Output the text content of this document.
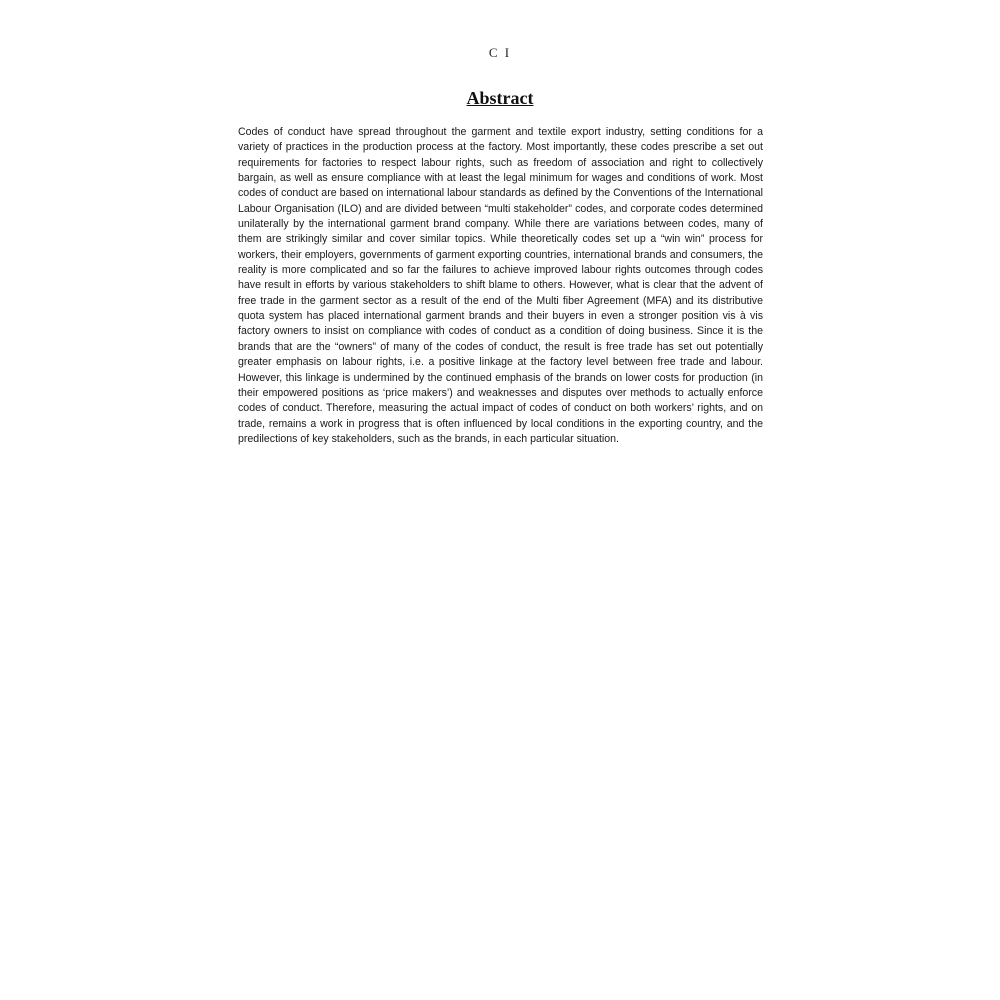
C I
Abstract

Codes of conduct have spread throughout the garment and textile export industry, setting conditions for a variety of practices in the production process at the factory. Most importantly, these codes prescribe a set out requirements for factories to respect labour rights, such as freedom of association and right to collectively bargain, as well as ensure compliance with at least the legal minimum for wages and conditions of work. Most codes of conduct are based on international labour standards as defined by the Conventions of the International Labour Organisation (ILO) and are divided between “multi stakeholder” codes, and corporate codes determined unilaterally by the international garment brand company. While there are variations between codes, many of them are strikingly similar and cover similar topics. While theoretically codes set up a “win win” process for workers, their employers, governments of garment exporting countries, international brands and consumers, the reality is more complicated and so far the failures to achieve improved labour rights outcomes through codes have result in efforts by various stakeholders to shift blame to others. However, what is clear that the advent of free trade in the garment sector as a result of the end of the Multi fiber Agreement (MFA) and its distributive quota system has placed international garment brands and their buyers in even a stronger position vis à vis factory owners to insist on compliance with codes of conduct as a condition of doing business. Since it is the brands that are the “owners” of many of the codes of conduct, the result is free trade has set out potentially greater emphasis on labour rights, i.e. a positive linkage at the factory level between free trade and labour. However, this linkage is undermined by the continued emphasis of the brands on lower costs for production (in their empowered positions as ‘price makers’) and weaknesses and disputes over methods to actually enforce codes of conduct. Therefore, measuring the actual impact of codes of conduct on both workers’ rights, and on trade, remains a work in progress that is often influenced by local conditions in the exporting country, and the predilections of key stakeholders, such as the brands, in each particular situation.
